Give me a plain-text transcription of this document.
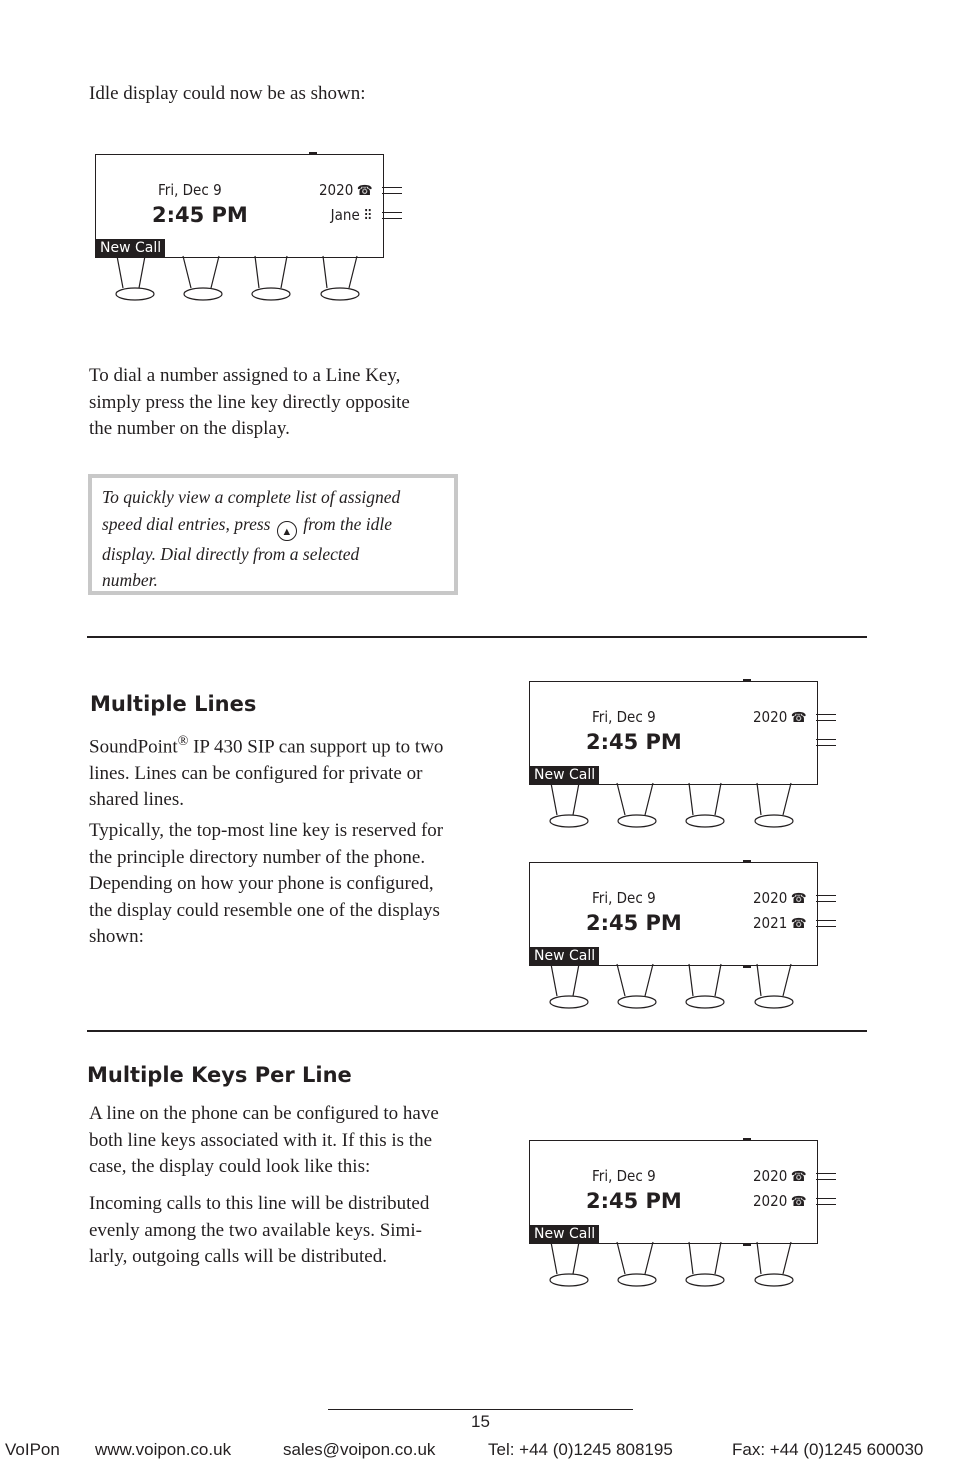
Idle display could now be as shown:
Fri, Dec 9
2:45 PM
2020 ☎
Jane ⠿
New Call
To dial a number assigned to a Line Key,
simply press the line key directly opposite
the number on the display.
To quickly view a complete list of assigned
speed dial entries, press ▲ from the idle
display. Dial directly from a selected
number.
Multiple Lines
SoundPoint® IP 430 SIP can support up to two
lines. Lines can be configured for private or
shared lines.
Typically, the top-most line key is reserved for
the principle directory number of the phone.
Depending on how your phone is configured,
the display could resemble one of the displays
shown:
Fri, Dec 9
2:45 PM
2020 ☎
New Call
Fri, Dec 9
2:45 PM
2020 ☎
2021 ☎
New Call
Multiple Keys Per Line
A line on the phone can be configured to have
both line keys associated with it. If this is the
case, the display could look like this:
Incoming calls to this line will be distributed
evenly among the two available keys. Simi-
larly, outgoing calls will be distributed.
Fri, Dec 9
2:45 PM
2020 ☎
2020 ☎
New Call
15
VoIPon www.voipon.co.uk	sales@voipon.co.uk	Tel: +44 (0)1245 808195	Fax: +44 (0)1245 600030
